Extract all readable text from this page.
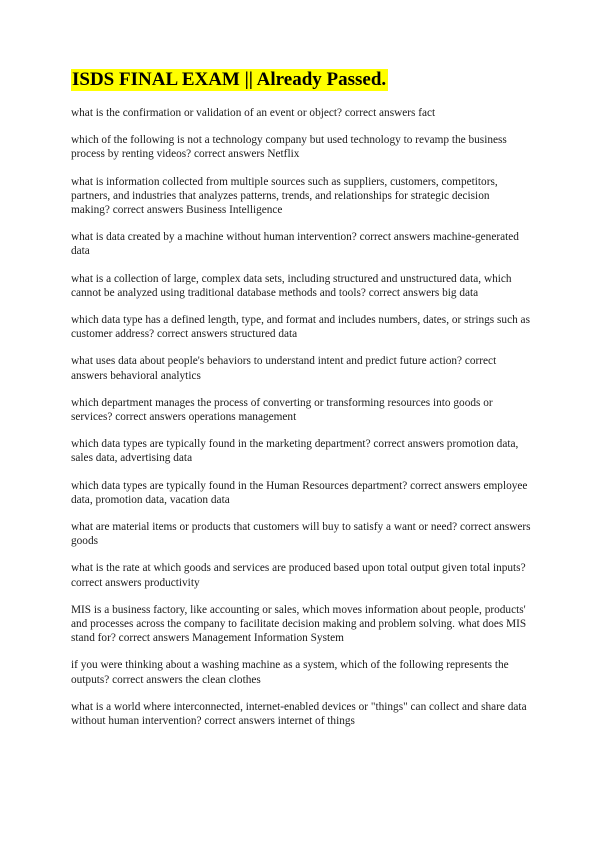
ISDS FINAL EXAM || Already Passed.

what is the confirmation or validation of an event or object? correct answers fact

which of the following is not a technology company but used technology to revamp the business process by renting videos? correct answers Netflix

what is information collected from multiple sources such as suppliers, customers, competitors, partners, and industries that analyzes patterns, trends, and relationships for strategic decision making? correct answers Business Intelligence

what is data created by a machine without human intervention? correct answers machine-generated data

what is a collection of large, complex data sets, including structured and unstructured data, which cannot be analyzed using traditional database methods and tools? correct answers big data

which data type has a defined length, type, and format and includes numbers, dates, or strings such as customer address? correct answers structured data

what uses data about people's behaviors to understand intent and predict future action? correct answers behavioral analytics

which department manages the process of converting or transforming resources into goods or services? correct answers operations management

which data types are typically found in the marketing department? correct answers promotion data, sales data, advertising data

which data types are typically found in the Human Resources department? correct answers employee data, promotion data, vacation data

what are material items or products that customers will buy to satisfy a want or need? correct answers goods

what is the rate at which goods and services are produced based upon total output given total inputs? correct answers productivity

MIS is a business factory, like accounting or sales, which moves information about people, products' and processes across the company to facilitate decision making and problem solving. what does MIS stand for? correct answers Management Information System

if you were thinking about a washing machine as a system, which of the following represents the outputs? correct answers the clean clothes

what is a world where interconnected, internet-enabled devices or "things" can collect and share data without human intervention? correct answers internet of things
